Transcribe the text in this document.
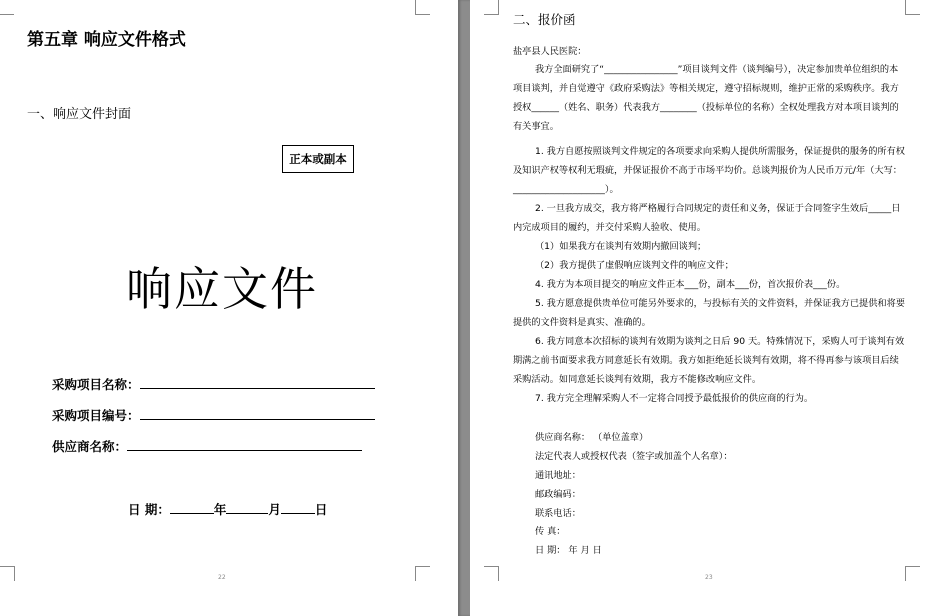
第五章 响应文件格式
一、响应文件封面
正本或副本
响应文件
采购项目名称：
采购项目编号：
供应商名称：
日 期：	年	月	日
22	23
二、报价函
盐亭县人民医院：
我方全面研究了“________________”项目谈判文件（谈判编号），决定参加贵单位组织的本项目谈判，并自觉遵守《政府采购法》等相关规定，遵守招标规则，维护正常的采购秩序。我方授权______（姓名、职务）代表我方________（投标单位的名称）全权处理我方对本项目谈判的有关事宜。
1. 我方自愿按照谈判文件规定的各项要求向采购人提供所需服务，保证提供的服务的所有权及知识产权等权利无瑕疵，并保证报价不高于市场平均价。总谈判报价为人民币万元/年（大写：____________________）。
2. 一旦我方成交，我方将严格履行合同规定的责任和义务，保证于合同签字生效后_____日内完成项目的履约，并交付采购人验收、使用。
（1）如果我方在谈判有效期内撤回谈判；
（2）我方提供了虚假响应谈判文件的响应文件；
4. 我方为本项目提交的响应文件正本___份，副本___份，首次报价表___份。
5. 我方愿意提供贵单位可能另外要求的，与投标有关的文件资料，并保证我方已提供和将要提供的文件资料是真实、准确的。
6. 我方同意本次招标的谈判有效期为谈判之日后 90 天。特殊情况下，采购人可于谈判有效期满之前书面要求我方同意延长有效期。我方如拒绝延长谈判有效期，将不得再参与该项目后续采购活动。如同意延长谈判有效期，我方不能修改响应文件。
7. 我方完全理解采购人不一定将合同授予最低报价的供应商的行为。
供应商名称： （单位盖章）
法定代表人或授权代表（签字或加盖个人名章）：
通讯地址：
邮政编码：
联系电话：
传 真：
日 期： 年 月 日
